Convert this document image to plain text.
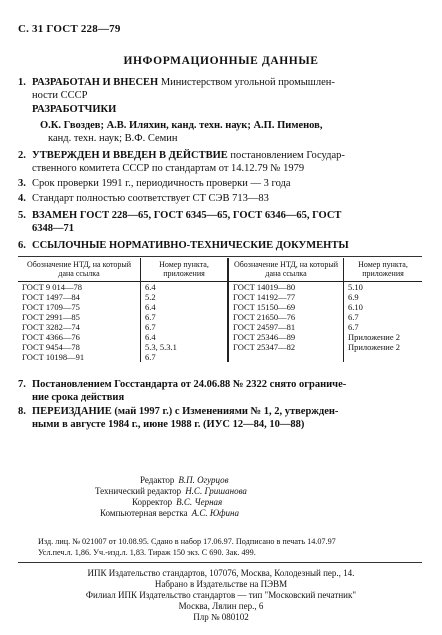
С. 31 ГОСТ 228—79
ИНФОРМАЦИОННЫЕ ДАННЫЕ
1. РАЗРАБОТАН И ВНЕСЕН Министерством угольной промышлен-
ности СССР
РАЗРАБОТЧИКИ
О.К. Гвоздев; А.В. Иляхин, канд. техн. наук; А.П. Пименов,
канд. техн. наук; В.Ф. Семин
2. УТВЕРЖДЕН И ВВЕДЕН В ДЕЙСТВИЕ постановлением Государ-
ственного комитета СССР по стандартам от 14.12.79 № 1979
3. Срок проверки 1991 г., периодичность проверки — 3 года
4. Стандарт полностью соответствует СТ СЭВ 713—83
5. ВЗАМЕН ГОСТ 228—65, ГОСТ 6345—65, ГОСТ 6346—65, ГОСТ
6348—71
6. ССЫЛОЧНЫЕ НОРМАТИВНО-ТЕХНИЧЕСКИЕ ДОКУМЕНТЫ
Обозначение НТД, на который дана ссылка	Номер пункта, приложения	Обозначение НТД, на который дана ссылка	Номер пункта, приложения
ГОСТ 9 014—78	6.4	ГОСТ 14019—80	5.10
ГОСТ 1497—84	5.2	ГОСТ 14192—77	6.9
ГОСТ 1709—75	6.4	ГОСТ 15150—69	6.10
ГОСТ 2991—85	6.7	ГОСТ 21650—76	6.7
ГОСТ 3282—74	6.7	ГОСТ 24597—81	6.7
ГОСТ 4366—76	6.4	ГОСТ 25346—89	Приложение 2
ГОСТ 9454—78	5.3, 5.3.1	ГОСТ 25347—82	Приложение 2
ГОСТ 10198—91	6.7		
7. Постановлением Госстандарта от 24.06.88 № 2322 снято ограниче-
ние срока действия
8. ПЕРЕИЗДАНИЕ (май 1997 г.) с Изменениями № 1, 2, утвержден-
ными в августе 1984 г., июне 1988 г. (ИУС 12—84, 10—88)
Редактор В.П. Огурцов
Технический редактор Н.С. Гришанова
Корректор В.С. Черная
Компьютерная верстка А.С. Юфина
Изд. лиц. № 021007 от 10.08.95. Сдано в набор 17.06.97. Подписано в печать 14.07.97
Усл.печ.л. 1,86. Уч.-изд.л. 1,83. Тираж 150 экз. С 690. Зак. 499.
ИПК Издательство стандартов, 107076, Москва, Колодезный пер., 14.
Набрано в Издательстве на ПЭВМ
Филиал ИПК Издательство стандартов — тип "Московский печатник"
Москва, Лялин пер., 6
Плр № 080102
